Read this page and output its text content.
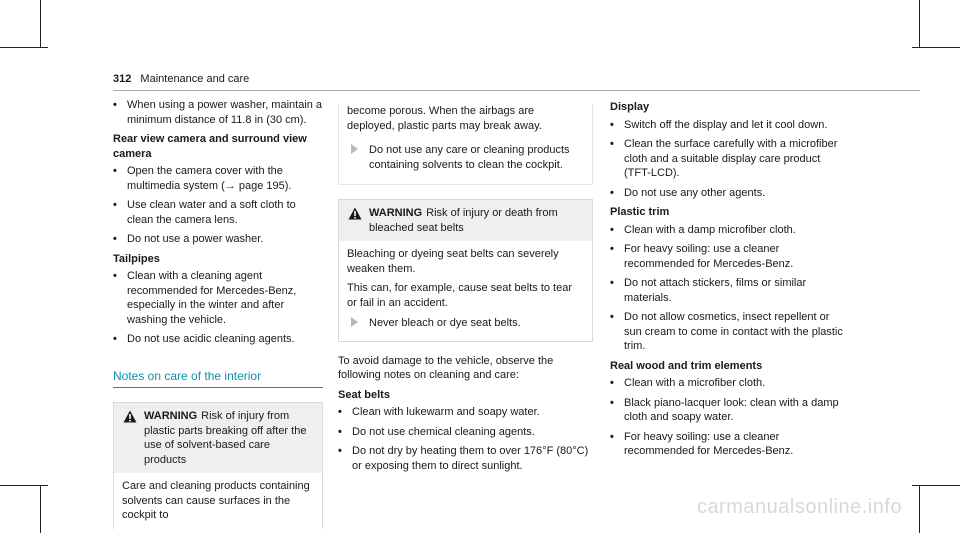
312 Maintenance and care
• When using a power washer, maintain a minimum distance of 11.8 in (30 cm).
Rear view camera and surround view camera
• Open the camera cover with the multimedia system (→ page 195).
• Use clean water and a soft cloth to clean the camera lens.
• Do not use a power washer.
Tailpipes
• Clean with a cleaning agent recommended for Mercedes-Benz, especially in the winter and after washing the vehicle.
• Do not use acidic cleaning agents.
Notes on care of the interior
WARNING Risk of injury from plastic parts breaking off after the use of solvent-based care products
Care and cleaning products containing solvents can cause surfaces in the cockpit to
become porous. When the airbags are deployed, plastic parts may break away.
Do not use any care or cleaning products containing solvents to clean the cockpit.
WARNING Risk of injury or death from bleached seat belts
Bleaching or dyeing seat belts can severely weaken them.
This can, for example, cause seat belts to tear or fail in an accident.
Never bleach or dye seat belts.
To avoid damage to the vehicle, observe the following notes on cleaning and care:
Seat belts
• Clean with lukewarm and soapy water.
• Do not use chemical cleaning agents.
• Do not dry by heating them to over 176°F (80°C) or exposing them to direct sunlight.
Display
• Switch off the display and let it cool down.
• Clean the surface carefully with a microfiber cloth and a suitable display care product (TFT-LCD).
• Do not use any other agents.
Plastic trim
• Clean with a damp microfiber cloth.
• For heavy soiling: use a cleaner recommended for Mercedes-Benz.
• Do not attach stickers, films or similar materials.
• Do not allow cosmetics, insect repellent or sun cream to come in contact with the plastic trim.
Real wood and trim elements
• Clean with a microfiber cloth.
• Black piano-lacquer look: clean with a damp cloth and soapy water.
• For heavy soiling: use a cleaner recommended for Mercedes-Benz.
carmanualsonline.info
